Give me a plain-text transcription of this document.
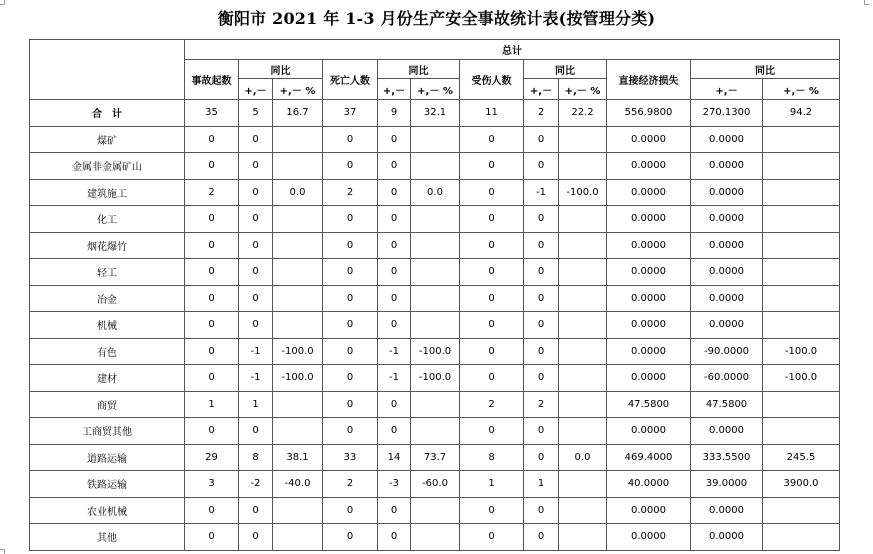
衡阳市 2021 年 1-3 月份生产安全事故统计表(按管理分类)
	总计											
	事故起数	同比		死亡人数	同比		受伤人数	同比		直接经济损失	同比	
		+,－	+,－ %		+,－	+,－ %		+,－	+,－ %		+,－	+,－ %
合　计	35	5	16.7	37	9	32.1	11	2	22.2	556.9800	270.1300	94.2
煤矿	0	0		0	0		0	0		0.0000	0.0000	
金属非金属矿山	0	0		0	0		0	0		0.0000	0.0000	
建筑施工	2	0	0.0	2	0	0.0	0	-1	-100.0	0.0000	0.0000	
化工	0	0		0	0		0	0		0.0000	0.0000	
烟花爆竹	0	0		0	0		0	0		0.0000	0.0000	
轻工	0	0		0	0		0	0		0.0000	0.0000	
冶金	0	0		0	0		0	0		0.0000	0.0000	
机械	0	0		0	0		0	0		0.0000	0.0000	
有色	0	-1	-100.0	0	-1	-100.0	0	0		0.0000	-90.0000	-100.0
建材	0	-1	-100.0	0	-1	-100.0	0	0		0.0000	-60.0000	-100.0
商贸	1	1		0	0		2	2		47.5800	47.5800	
工商贸其他	0	0		0	0		0	0		0.0000	0.0000	
道路运输	29	8	38.1	33	14	73.7	8	0	0.0	469.4000	333.5500	245.5
铁路运输	3	-2	-40.0	2	-3	-60.0	1	1		40.0000	39.0000	3900.0
农业机械	0	0		0	0		0	0		0.0000	0.0000	
其他	0	0		0	0		0	0		0.0000	0.0000	
